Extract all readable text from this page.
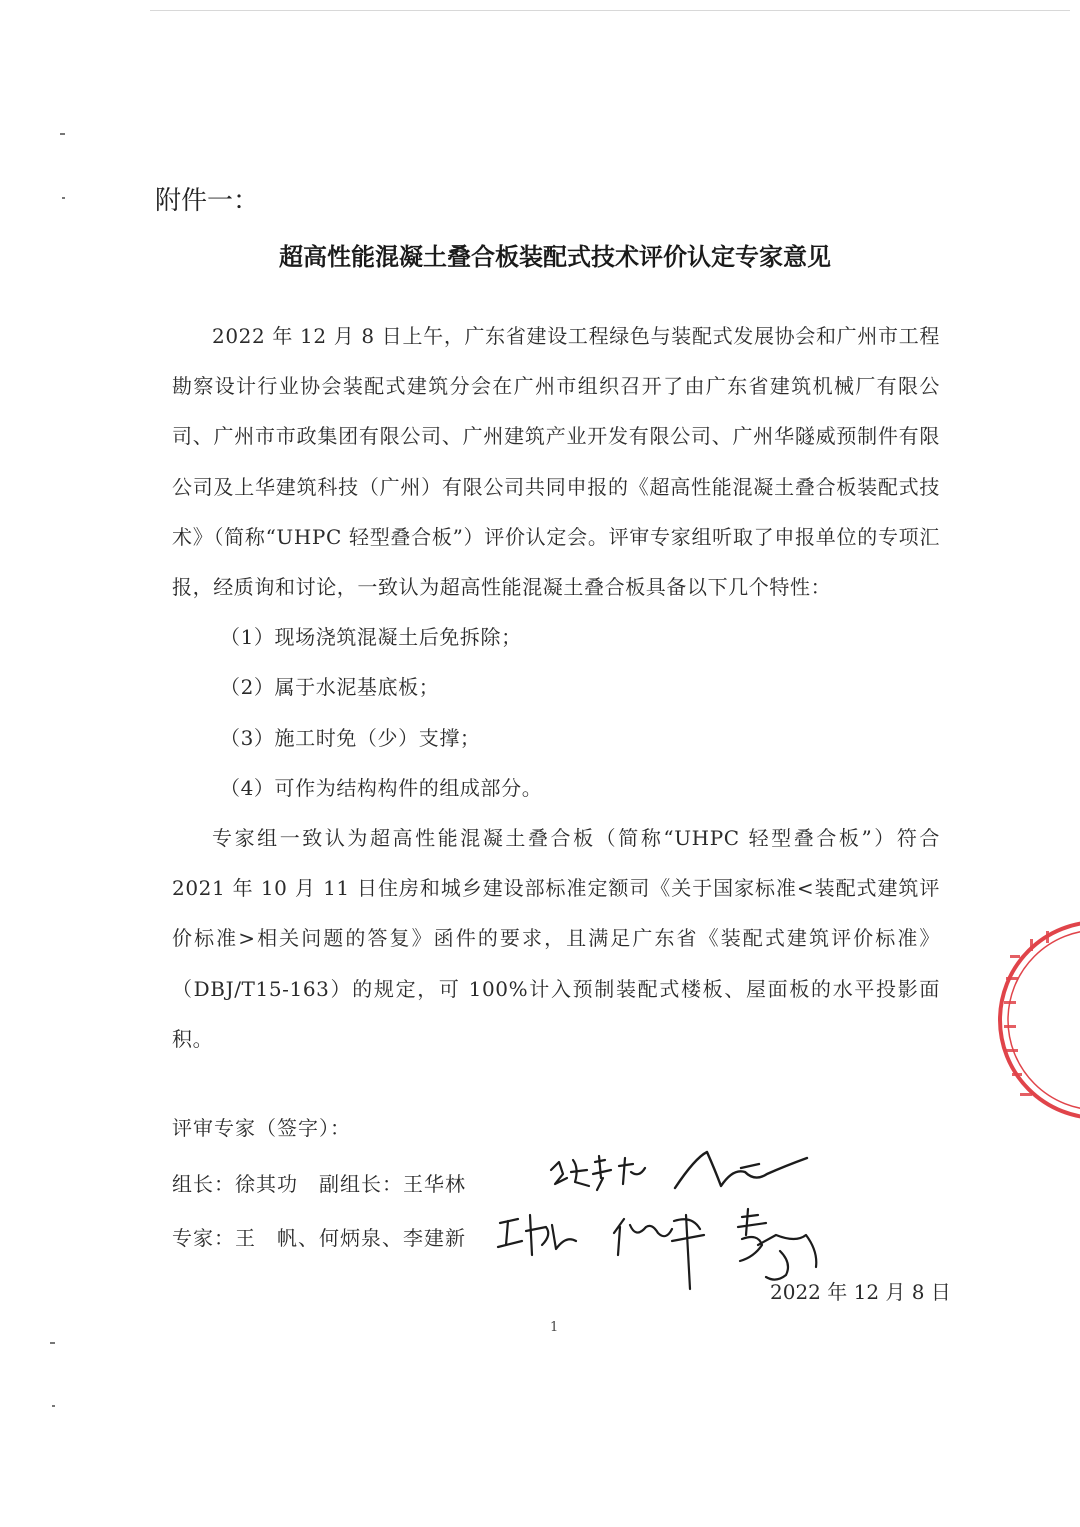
附件一：
超高性能混凝土叠合板装配式技术评价认定专家意见

2022 年 12 月 8 日上午，广东省建设工程绿色与装配式发展协会和广州市工程勘察设计行业协会装配式建筑分会在广州市组织召开了由广东省建筑机械厂有限公司、广州市市政集团有限公司、广州建筑产业开发有限公司、广州华隧威预制件有限公司及上华建筑科技（广州）有限公司共同申报的《超高性能混凝土叠合板装配式技术》（简称“UHPC 轻型叠合板”）评价认定会。评审专家组听取了申报单位的专项汇报，经质询和讨论，一致认为超高性能混凝土叠合板具备以下几个特性：

（1）现场浇筑混凝土后免拆除；

（2）属于水泥基底板；

（3）施工时免（少）支撑；

（4）可作为结构构件的组成部分。

专家组一致认为超高性能混凝土叠合板（简称“UHPC 轻型叠合板”）符合 2021 年 10 月 11 日住房和城乡建设部标准定额司《关于国家标准<装配式建筑评价标准>相关问题的答复》函件的要求，且满足广东省《装配式建筑评价标准》（DBJ/T15-163）的规定，可 100%计入预制装配式楼板、屋面板的水平投影面积。

评审专家（签字）：
组长：徐其功　副组长：王华林
专家：王　帆、何炳泉、李建新
2022 年 12 月 8 日
1
